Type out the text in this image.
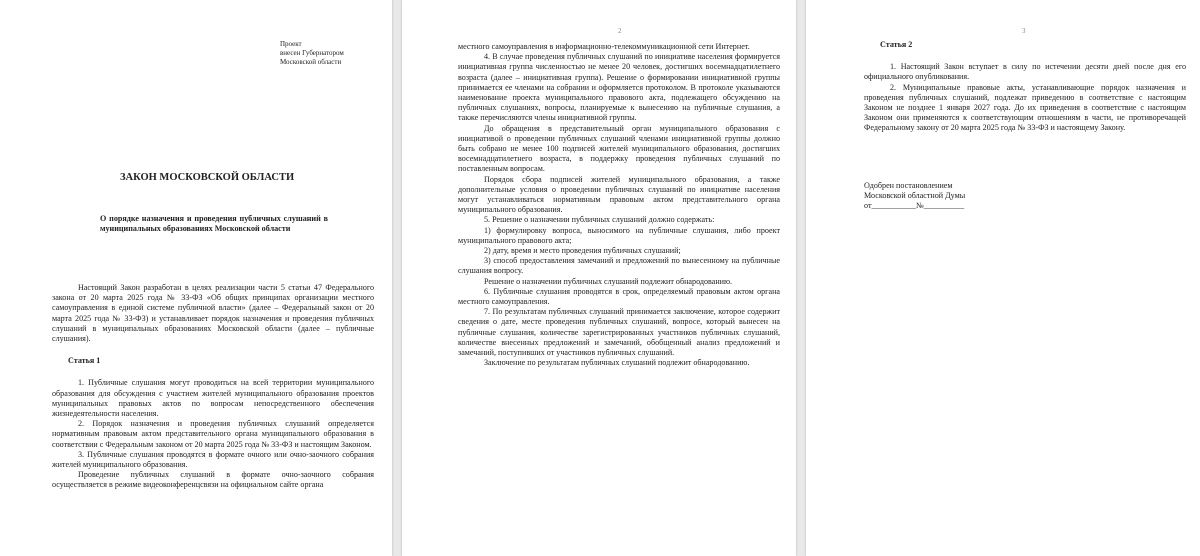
Проект
внесен Губернатором
Московской области
ЗАКОН МОСКОВСКОЙ ОБЛАСТИ
О порядке назначения и проведения публичных слушаний в муниципальных образованиях Московской области

Настоящий Закон разработан в целях реализации части 5 статьи 47 Федерального закона от 20 марта 2025 года № 33-ФЗ «Об общих принципах организации местного самоуправления в единой системе публичной власти» (далее – Федеральный закон от 20 марта 2025 года № 33-ФЗ) и устанавливает порядок назначения и проведения публичных слушаний в муниципальных образованиях Московской области (далее – публичные слушания).

Статья 1

1. Публичные слушания могут проводиться на всей территории муниципального образования для обсуждения с участием жителей муниципального образования проектов муниципальных правовых актов по вопросам непосредственного обеспечения жизнедеятельности населения.

2. Порядок назначения и проведения публичных слушаний определяется нормативным правовым актом представительного органа муниципального образования в соответствии с Федеральным законом от 20 марта 2025 года № 33-ФЗ и настоящим Законом.

3. Публичные слушания проводятся в формате очного или очно-заочного собрания жителей муниципального образования.

Проведение публичных слушаний в формате очно-заочного собрания осуществляется в режиме видеоконференцсвязи на официальном сайте органа

2

местного самоуправления в информационно-телекоммуникационной сети Интернет.

4. В случае проведения публичных слушаний по инициативе населения формируется инициативная группа численностью не менее 20 человек, достигших восемнадцатилетнего возраста (далее – инициативная группа). Решение о формировании инициативной группы принимается ее членами на собрании и оформляется протоколом. В протоколе указываются наименование проекта муниципального правового акта, подлежащего обсуждению на публичных слушаниях, вопросы, планируемые к вынесению на публичные слушания, а также перечисляются члены инициативной группы.

До обращения в представительный орган муниципального образования с инициативой о проведении публичных слушаний членами инициативной группы должно быть собрано не менее 100 подписей жителей муниципального образования, достигших восемнадцатилетнего возраста, в поддержку проведения публичных слушаний по поставленным вопросам.

Порядок сбора подписей жителей муниципального образования, а также дополнительные условия о проведении публичных слушаний по инициативе населения могут устанавливаться нормативным правовым актом представительного органа муниципального образования.

5. Решение о назначении публичных слушаний должно содержать:

1) формулировку вопроса, выносимого на публичные слушания, либо проект муниципального правового акта;

2) дату, время и место проведения публичных слушаний;

3) способ предоставления замечаний и предложений по вынесенному на публичные слушания вопросу.

Решение о назначении публичных слушаний подлежит обнародованию.

6. Публичные слушания проводятся в срок, определяемый правовым актом органа местного самоуправления.

7. По результатам публичных слушаний принимается заключение, которое содержит сведения о дате, месте проведения публичных слушаний, вопросе, который вынесен на публичные слушания, количестве зарегистрированных участников публичных слушаний, количестве внесенных предложений и замечаний, обобщенный анализ предложений и замечаний, поступивших от участников публичных слушаний.

Заключение по результатам публичных слушаний подлежит обнародованию.

3

Статья 2

1. Настоящий Закон вступает в силу по истечении десяти дней после дня его официального опубликования.

2. Муниципальные правовые акты, устанавливающие порядок назначения и проведения публичных слушаний, подлежат приведению в соответствие с настоящим Законом не позднее 1 января 2027 года. До их приведения в соответствие с настоящим Законом они применяются к соответствующим отношениям в части, не противоречащей Федеральному закону от 20 марта 2025 года № 33-ФЗ и настоящему Закону.

Одобрен постановлением
Московской областной Думы
от___________№__________
